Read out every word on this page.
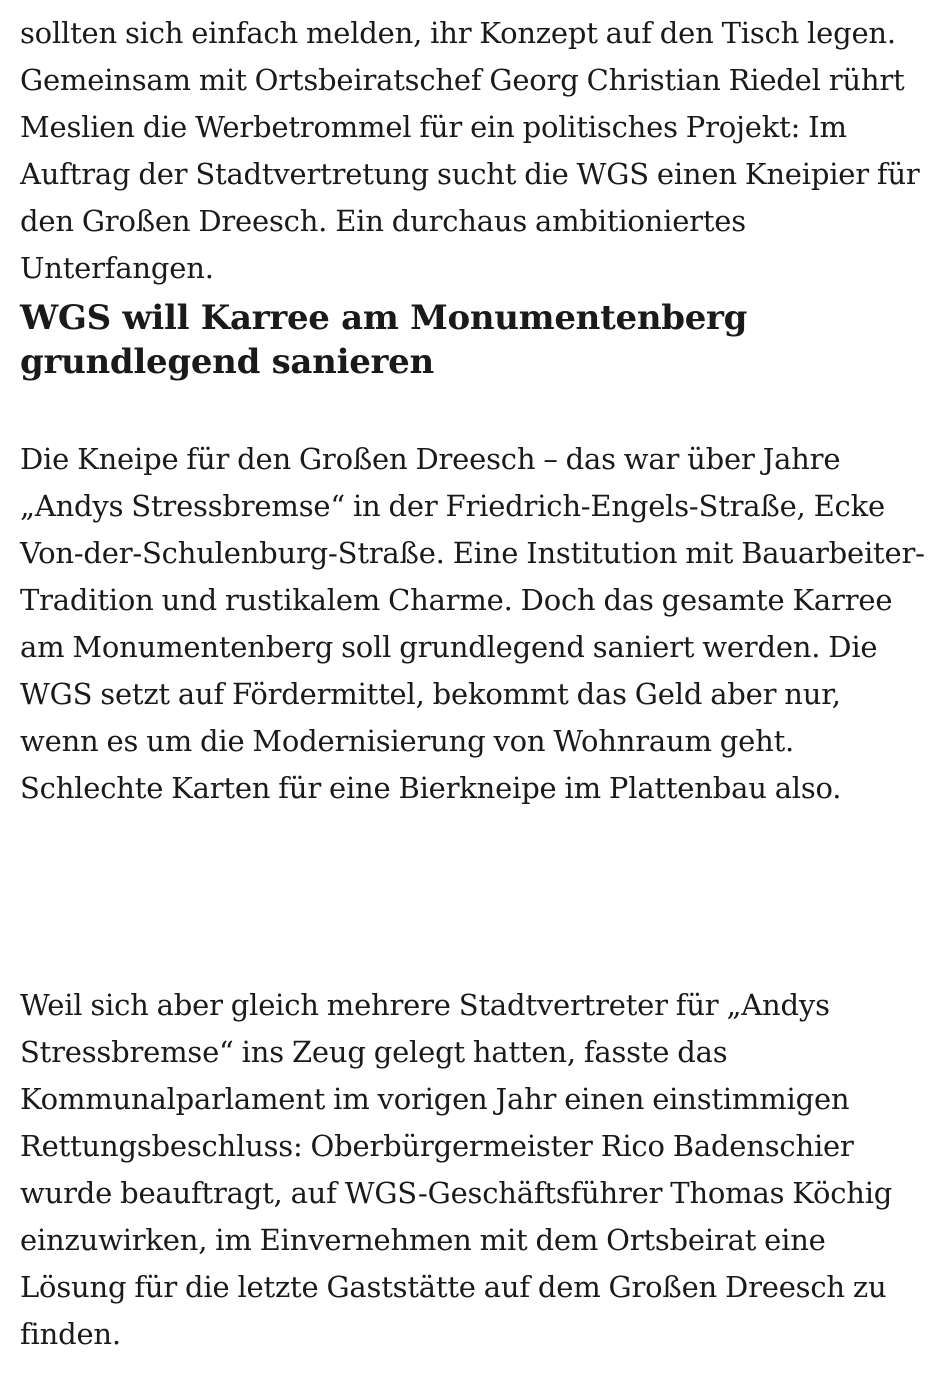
sollten sich einfach melden, ihr Konzept auf den Tisch legen. Gemeinsam mit Ortsbeiratschef Georg Christian Riedel rührt Meslien die Werbetrommel für ein politisches Projekt: Im Auftrag der Stadtvertretung sucht die WGS einen Kneipier für den Großen Dreesch. Ein durchaus ambitioniertes Unterfangen.

WGS will Karree am Monumentenberg grundlegend sanieren

Die Kneipe für den Großen Dreesch – das war über Jahre „Andys Stressbremse“ in der Friedrich-Engels-Straße, Ecke Von-der-Schulenburg-Straße. Eine Institution mit Bauarbeiter-Tradition und rustikalem Charme. Doch das gesamte Karree am Monumentenberg soll grundlegend saniert werden. Die WGS setzt auf Fördermittel, bekommt das Geld aber nur, wenn es um die Modernisierung von Wohnraum geht. Schlechte Karten für eine Bierkneipe im Plattenbau also.

Weil sich aber gleich mehrere Stadtvertreter für „Andys Stressbremse“ ins Zeug gelegt hatten, fasste das Kommunalparlament im vorigen Jahr einen einstimmigen Rettungsbeschluss: Oberbürgermeister Rico Badenschier wurde beauftragt, auf WGS-Geschäftsführer Thomas Köchig einzuwirken, im Einvernehmen mit dem Ortsbeirat eine Lösung für die letzte Gaststätte auf dem Großen Dreesch zu finden.
